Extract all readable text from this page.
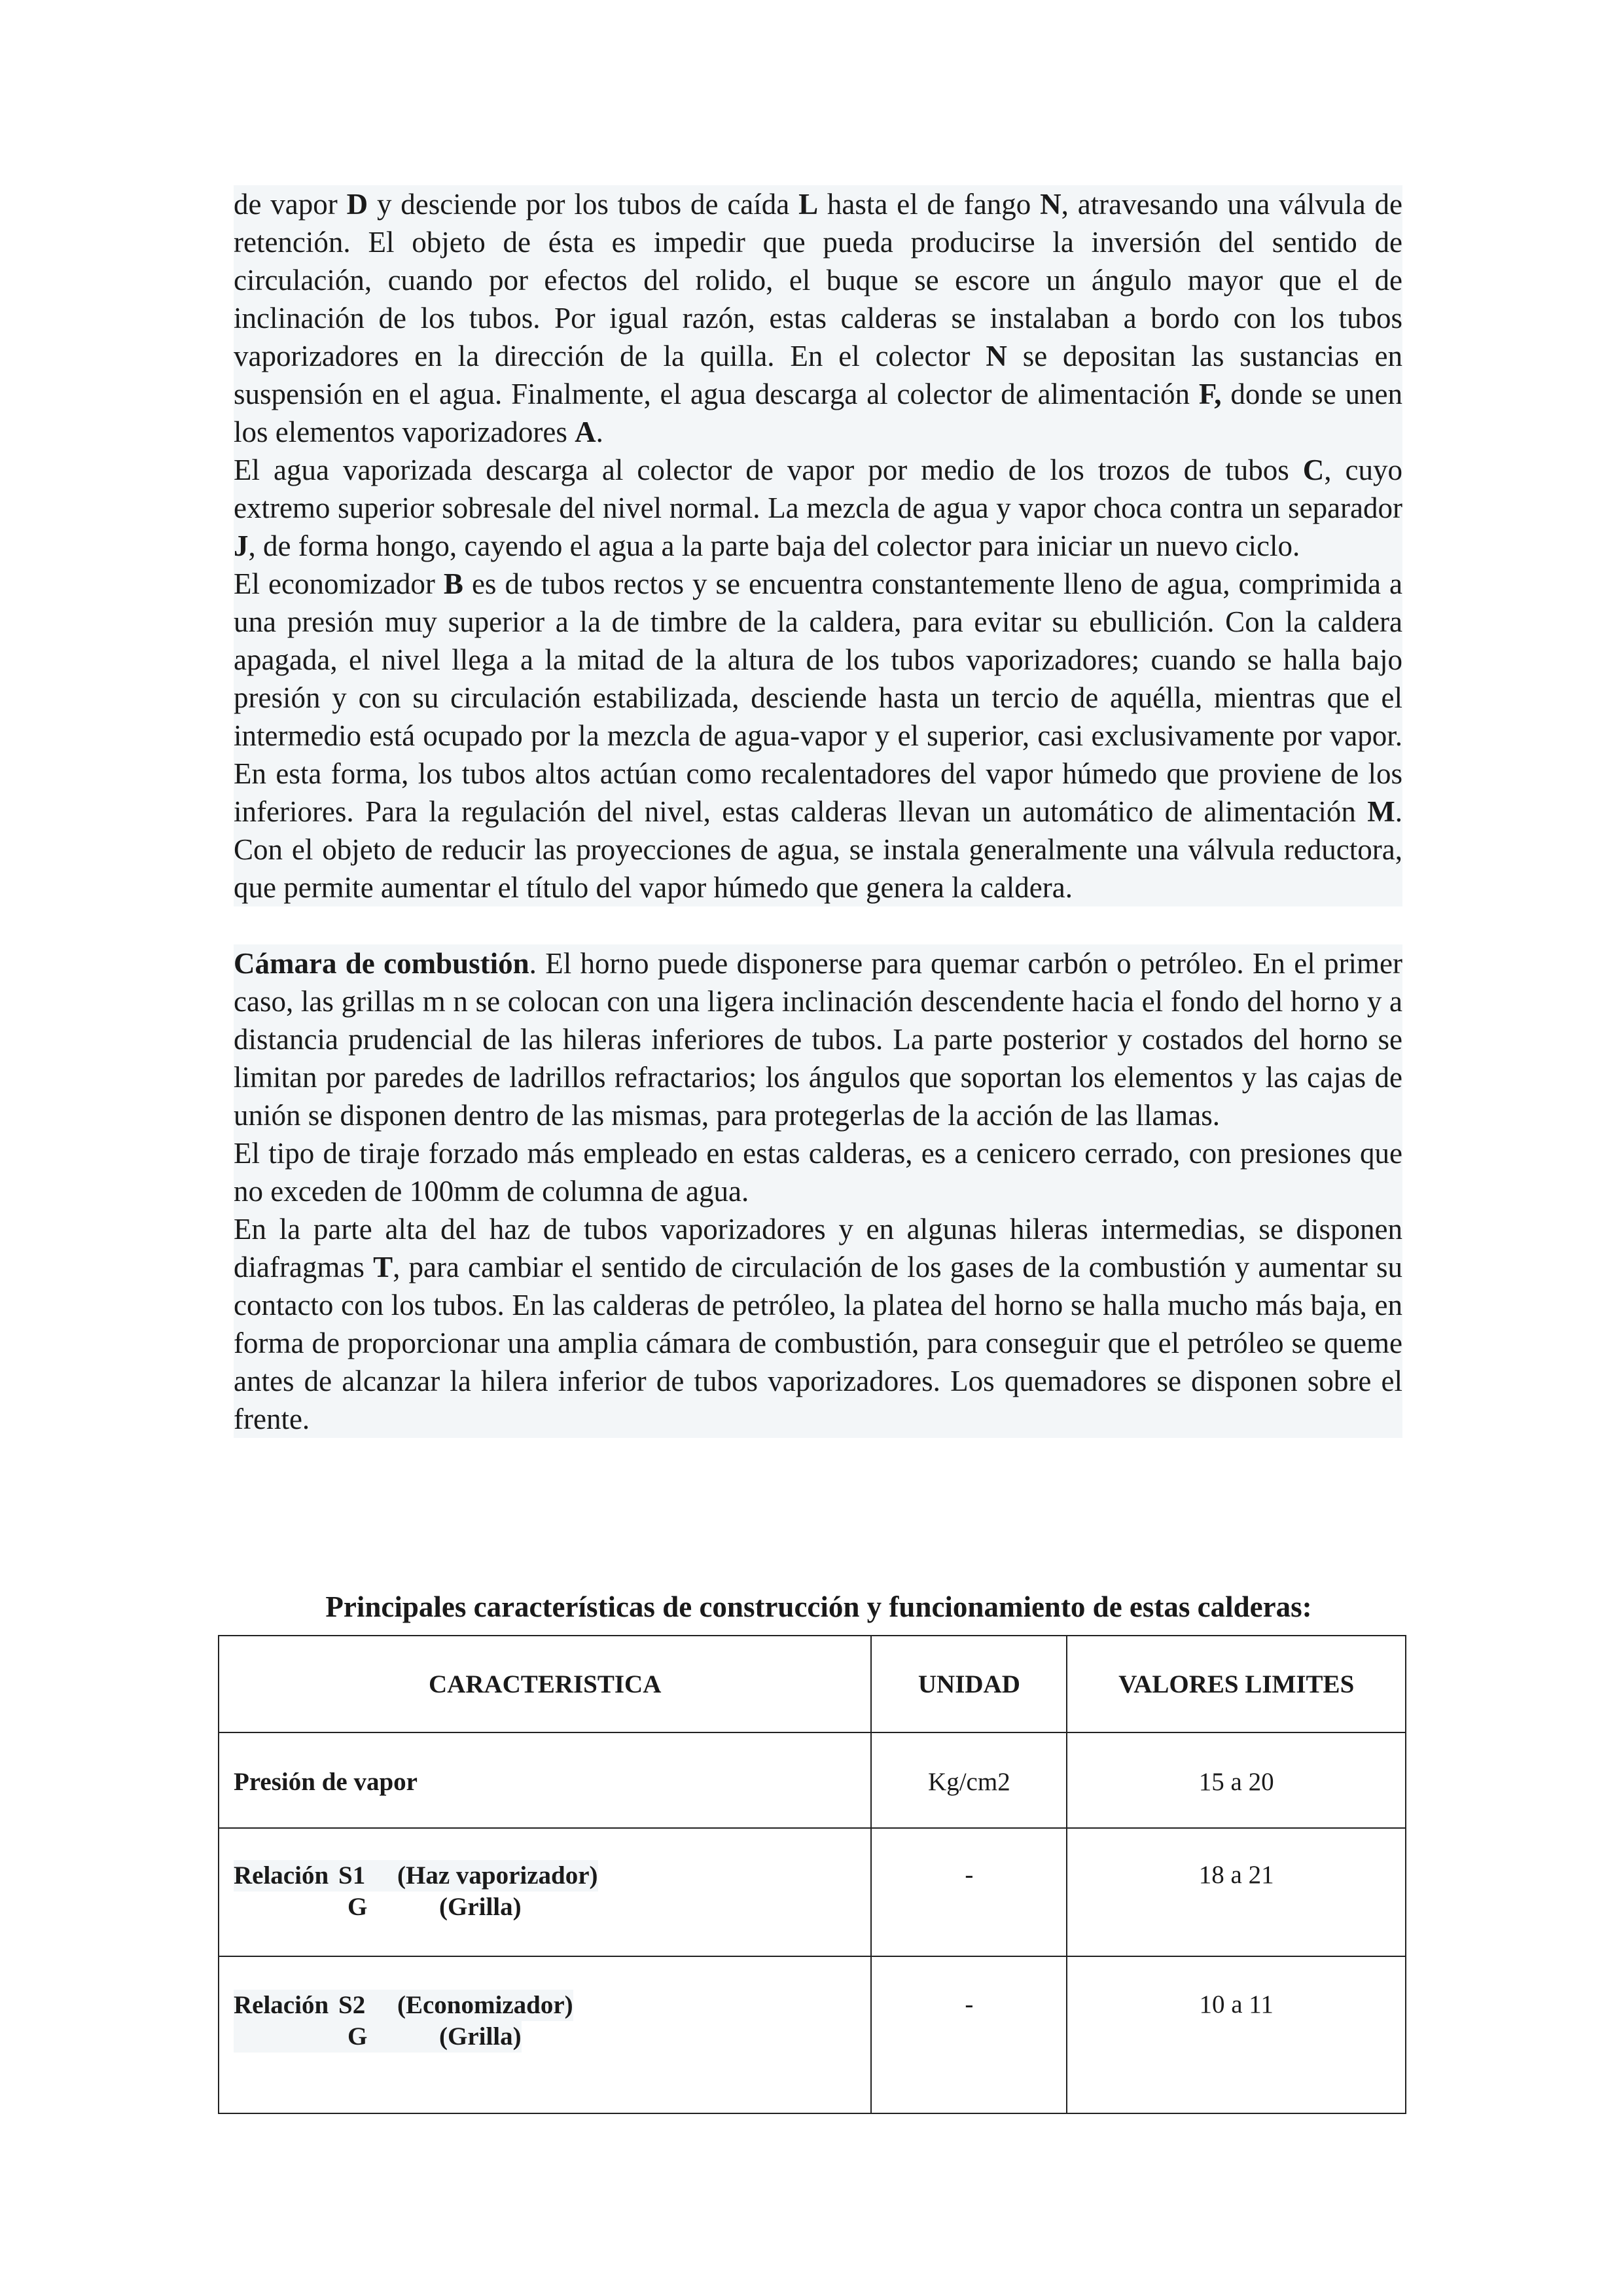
de vapor D y desciende por los tubos de caída L hasta el de fango N, atravesando una válvula de retención. El objeto de ésta es impedir que pueda producirse la inversión del sentido de circulación, cuando por efectos del rolido, el buque se escore un ángulo mayor que el de inclinación de los tubos. Por igual razón, estas calderas se instalaban a bordo con los tubos vaporizadores en la dirección de la quilla. En el colector N se depositan las sustancias en suspensión en el agua. Finalmente, el agua descarga al colector de alimentación F, donde se unen los elementos vaporizadores A.

El agua vaporizada descarga al colector de vapor por medio de los trozos de tubos C, cuyo extremo superior sobresale del nivel normal. La mezcla de agua y vapor choca contra un separador J, de forma hongo, cayendo el agua a la parte baja del colector para iniciar un nuevo ciclo.

El economizador B es de tubos rectos y se encuentra constantemente lleno de agua, comprimida a una presión muy superior a la de timbre de la caldera, para evitar su ebullición. Con la caldera apagada, el nivel llega a la mitad de la altura de los tubos vaporizadores; cuando se halla bajo presión y con su circulación estabilizada, desciende hasta un tercio de aquélla, mientras que el intermedio está ocupado por la mezcla de agua-vapor y el superior, casi exclusivamente por vapor. En esta forma, los tubos altos actúan como recalentadores del vapor húmedo que proviene de los inferiores. Para la regulación del nivel, estas calderas llevan un automático de alimentación M. Con el objeto de reducir las proyecciones de agua, se instala generalmente una válvula reductora, que permite aumentar el título del vapor húmedo que genera la caldera.

Cámara de combustión. El horno puede disponerse para quemar carbón o petróleo. En el primer caso, las grillas m n se colocan con una ligera inclinación descendente hacia el fondo del horno y a distancia prudencial de las hileras inferiores de tubos. La parte posterior y costados del horno se limitan por paredes de ladrillos refractarios; los ángulos que soportan los elementos y las cajas de unión se disponen dentro de las mismas, para protegerlas de la acción de las llamas.

El tipo de tiraje forzado más empleado en estas calderas, es a cenicero cerrado, con presiones que no exceden de 100mm de columna de agua.

En la parte alta del haz de tubos vaporizadores y en algunas hileras intermedias, se disponen diafragmas T, para cambiar el sentido de circulación de los gases de la combustión y aumentar su contacto con los tubos. En las calderas de petróleo, la platea del horno se halla mucho más baja, en forma de proporcionar una amplia cámara de combustión, para conseguir que el petróleo se queme antes de alcanzar la hilera inferior de tubos vaporizadores. Los quemadores se disponen sobre el frente.

Principales características de construcción y funcionamiento de estas calderas:
CARACTERISTICA	UNIDAD	VALORES LIMITES

Presión de vapor	Kg/cm2	15 a 20

Relación S1 (Haz vaporizador)
G (Grilla)	-	18 a 21

Relación S2 (Economizador) G (Grilla)	-	10 a 11
